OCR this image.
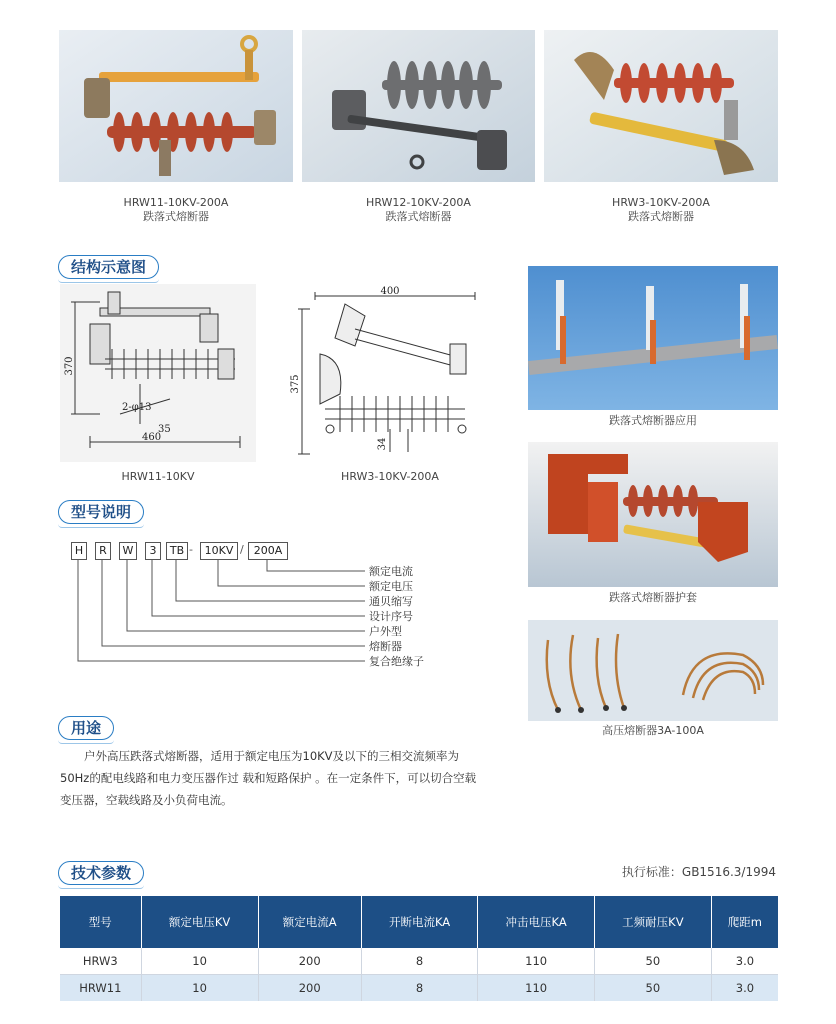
HRW11-10KV-200A
跌落式熔断器
HRW12-10KV-200A
跌落式熔断器
HRW3-10KV-200A
跌落式熔断器
结构示意图
370
2-φ13
35
460
HRW11-10KV
400
375
34
HRW3-10KV-200A
跌落式熔断器应用
跌落式熔断器护套
高压熔断器3A-100A
型号说明
H	R	W	3	TB -	10KV / 200A
额定电流
额定电压
通贝缩写
设计序号
户外型
熔断器
复合绝缘子
用途
户外高压跌落式熔断器，适用于额定电压为10KV及以下的三相交流频率为50Hz的配电线路和电力变压器作过 载和短路保护 。在一定条件下，可以切合空载变压器，空载线路及小负荷电流。
技术参数	执行标准：GB1516.3/1994
型号	额定电压KV	额定电流A	开断电流KA	冲击电压KA	工频耐压KV	爬距m
HRW3	10	200	8	110	50	3.0
HRW11	10	200	8	110	50	3.0
